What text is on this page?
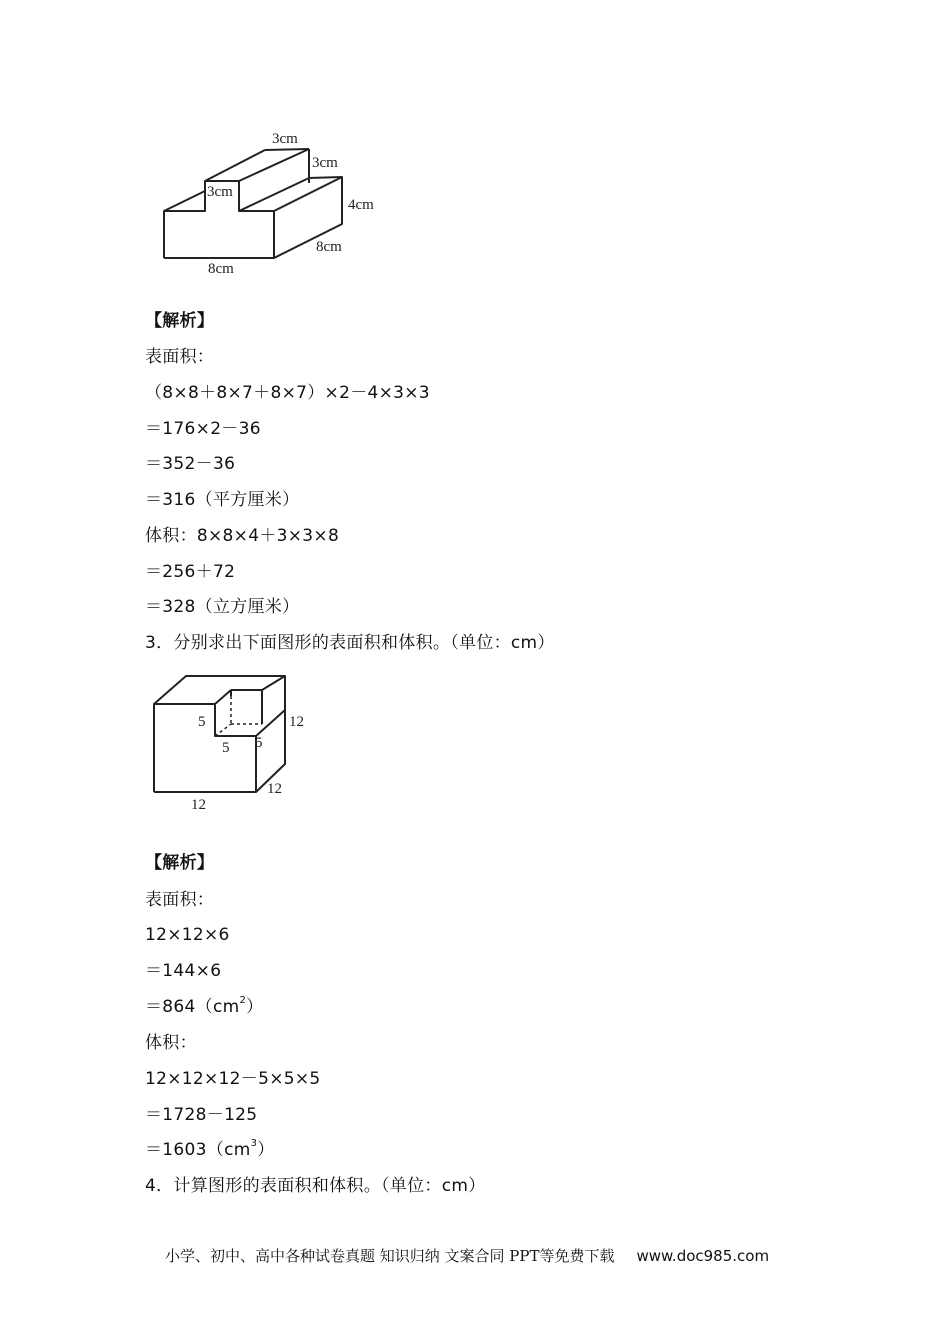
3cm
3cm
3cm
4cm
8cm
8cm
【解析】
表面积：
（8×8＋8×7＋8×7）×2－4×3×3
＝176×2－36
＝352－36
＝316（平方厘米）
体积：8×8×4＋3×3×8
＝256＋72
＝328（立方厘米）
3．分别求出下面图形的表面积和体积。（单位：cm）
5
5 5
12
12
12
【解析】
表面积：
12×12×6
＝144×6
$=864(cm^2)$
体积：
12×12×12－5×5×5
＝1728－125
$=1603(cm^3)$
4．计算图形的表面积和体积。（单位：cm）
小学、初中、高中各种试卷真题 知识归纳 文案合同 PPT等免费下载 www.doc985.com
